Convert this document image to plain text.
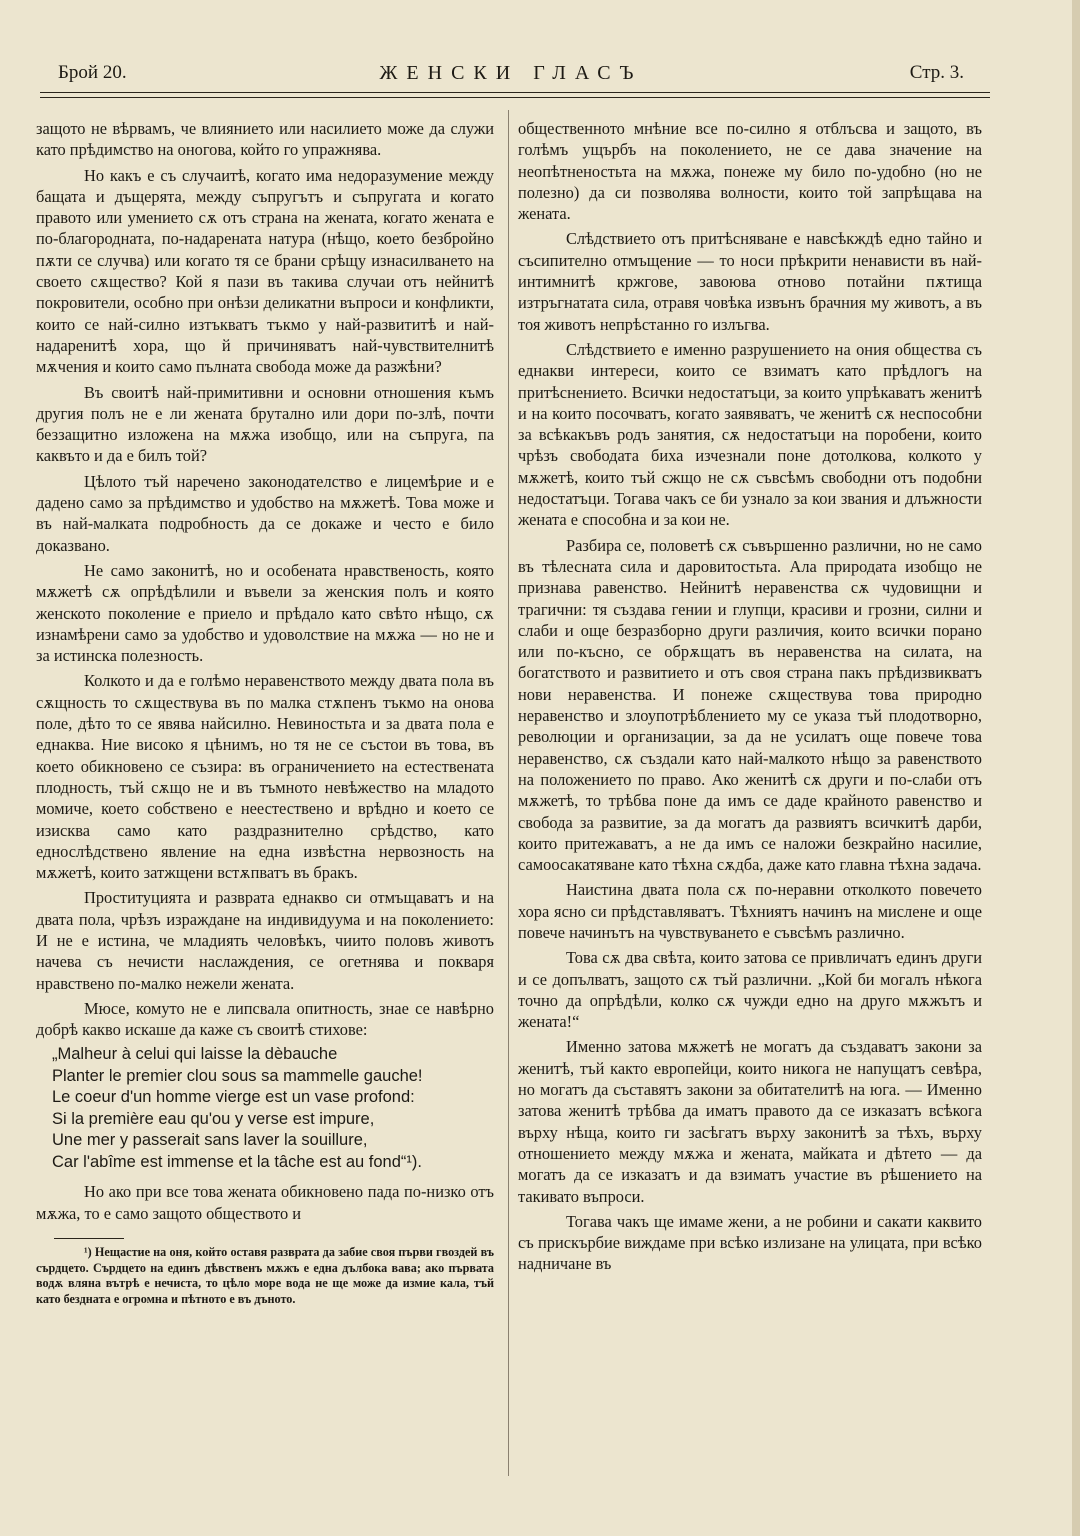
Брой 20.	ЖЕНСКИ ГЛАСЪ	Стр. 3.

защото не вѣрвамъ, че влиянието или насилието може да служи като прѣдимство на оногова, който го упражнява.

Но какъ е съ случаитѣ, когато има недоразумение между бащата и дъщерята, между съпругътъ и съпругата и когато правото или умението сѫ отъ страна на жената, когато жената е по-благородната, по-надарената натура (нѣщо, което безбройно пѫти се случва) или когато тя се брани срѣщу изнасилването на своето сѫщество? Кой я пази въ такива случаи отъ нейнитѣ покровители, особно при онѣзи деликатни въпроси и конфликти, които се най-силно изтъкватъ тъкмо у най-развититѣ и най-надаренитѣ хора, що й причиняватъ най-чувствителнитѣ мѫчения и които само пълната свобода може да разжѣни?

Въ своитѣ най-примитивни и основни отношения къмъ другия полъ не е ли жената брутално или дори по-злѣ, почти беззащитно изложена на мѫжа изобщо, или на съпруга, па каквъто и да е билъ той?

Цѣлото тъй наречено законодателство е лицемѣрие и е дадено само за прѣдимство и удобство на мѫжетѣ. Това може и въ най-малката подробность да се докаже и често е било доказвано.

Не само законитѣ, но и особената нравственость, която мѫжетѣ сѫ опрѣдѣлили и въвели за женския полъ и която женското поколение е приело и прѣдало като свѣто нѣщо, сѫ изнамѣрени само за удобство и удоволствие на мѫжа — но не и за истинска полезность.

Колкото и да е голѣмо неравенството между двата пола въ сѫщность то сѫществува въ по малка стѫпенъ тъкмо на онова поле, дѣто то се явява найсилно. Невиностьта и за двата пола е еднаква. Ние високо я цѣнимъ, но тя не се състои въ това, въ което обикновено се съзира: въ ограничението на естествената плодность, тъй сѫщо не и въ тъмното невѣжество на младото момиче, което собствено е неестествено и врѣдно и което се изисква само като раздразнително срѣдство, като еднослѣдствено явление на една извѣстна нервозность на мѫжетѣ, които затжщени встѫпватъ въ бракъ.

Проституцията и разврата еднакво си отмъщаватъ и на двата пола, чрѣзъ израждане на индивидуума и на поколението: И не е истина, че младиять человѣкъ, чиито половъ животъ начева съ нечисти наслаждения, се огетнява и покваря нравствено по-малко нежели жената.

Мюсе, комуто не е липсвала опитность, знае се навѣрно добрѣ какво искаше да каже съ своитѣ стихове:

„Malheur à celui qui laisse la dèbauche
Planter le premier clou sous sa mammelle gauche!
Le coeur d'un homme vierge est un vase profond:
Si la première eau qu'ou y verse est impure,
Une mer y passerait sans laver la souillure,
Car l'abîme est immense et la tâche est au fond“¹).

Но ако при все това жената обикновено пада по-низко отъ мѫжа, то е само защото обществото и

¹) Нещастие на оня, който оставя разврата да забие своя първи гвоздей въ сърдцето. Сърдцето на единъ дѣвственъ мѫжъ е една дълбока вава; ако първата водѫ вляна вътрѣ е нечиста, то цѣло море вода не ще може да измие кала, тъй като бездната е огромна и пѣтното е въ дъното.

общественното мнѣние все по-силно я отблъсва и защото, въ голѣмъ ущърбъ на поколението, не се дава значение на неопѣтненостьта на мѫжа, понеже му било по-удобно (но не полезно) да си позволява волности, които той запрѣщава на жената.

Слѣдствието отъ притѣсняване е навсѣкждѣ едно тайно и съсипително отмъщение — то носи прѣкрити ненависти въ най-интимнитѣ кржгове, завоюва отново потайни пѫтища изтръгнатата сила, отравя човѣка извънъ брачния му животъ, а въ тоя животъ непрѣстанно го излъгва.

Слѣдствието е именно разрушението на ония общества съ еднакви интереси, които се взиматъ като прѣдлогъ на притѣснението. Всички недостатъци, за които упрѣкаватъ женитѣ и на които посочватъ, когато заявяватъ, че женитѣ сѫ неспособни за всѣкакъвъ родъ занятия, сѫ недостатъци на поробени, които чрѣзъ свободата биха изчезнали поне дотолкова, колкото у мѫжетѣ, които тъй сжщо не сѫ съвсѣмъ свободни отъ подобни недостатъци. Тогава чакъ се би узнало за кои звания и длъжности жената е способна и за кои не.

Разбира се, половетѣ сѫ съвършенно различни, но не само въ тѣлесната сила и даровитостьта. Ала природата изобщо не признава равенство. Нейнитѣ неравенства сѫ чудовищни и трагични: тя създава гении и глупци, красиви и грозни, силни и слаби и още безразборно други различия, които всички порано или по-късно, се обрѫщатъ въ неравенства на силата, на богатството и развитието и отъ своя страна пакъ прѣдизвикватъ нови неравенства. И понеже сѫществува това природно неравенство и злоупотрѣблението му се указа тъй плодотворно, революции и организации, за да не усилатъ още повече това неравенство, сѫ създали като най-малкото нѣщо за равенството на положението по право. Ако женитѣ сѫ други и по-слаби отъ мѫжетѣ, то трѣбва поне да имъ се даде крайното равенство и свобода за развитие, за да могатъ да развиятъ всичкитѣ дарби, които притежаватъ, а не да имъ се наложи безкрайно насилие, самоосакатяване като тѣхна сѫдба, даже като главна тѣхна задача.

Наистина двата пола сѫ по-неравни отколкото повечето хора ясно си прѣдставляватъ. Тѣхниятъ начинъ на мислене и още повече начинътъ на чувствуването е съвсѣмъ различно.

Това сѫ два свѣта, които затова се привличатъ единъ други и се допълватъ, защото сѫ тъй различни. „Кой би могалъ нѣкога точно да опрѣдѣли, колко сѫ чужди едно на друго мѫжътъ и жената!“

Именно затова мѫжетѣ не могатъ да създаватъ закони за женитѣ, тъй както европейци, които никога не напущатъ севѣра, но могатъ да съставятъ закони за обитателитѣ на юга. — Именно затова женитѣ трѣбва да иматъ правото да се изказатъ всѣкога върху нѣща, които ги засѣгатъ върху законитѣ за тѣхъ, върху отношението между мѫжа и жената, майката и дѣтето — да могатъ да се изказатъ и да взиматъ участие въ рѣшението на такивато въпроси.

Тогава чакъ ще имаме жени, а не робини и сакати каквито съ прискърбие виждаме при всѣко излизане на улицата, при всѣко надничане въ
